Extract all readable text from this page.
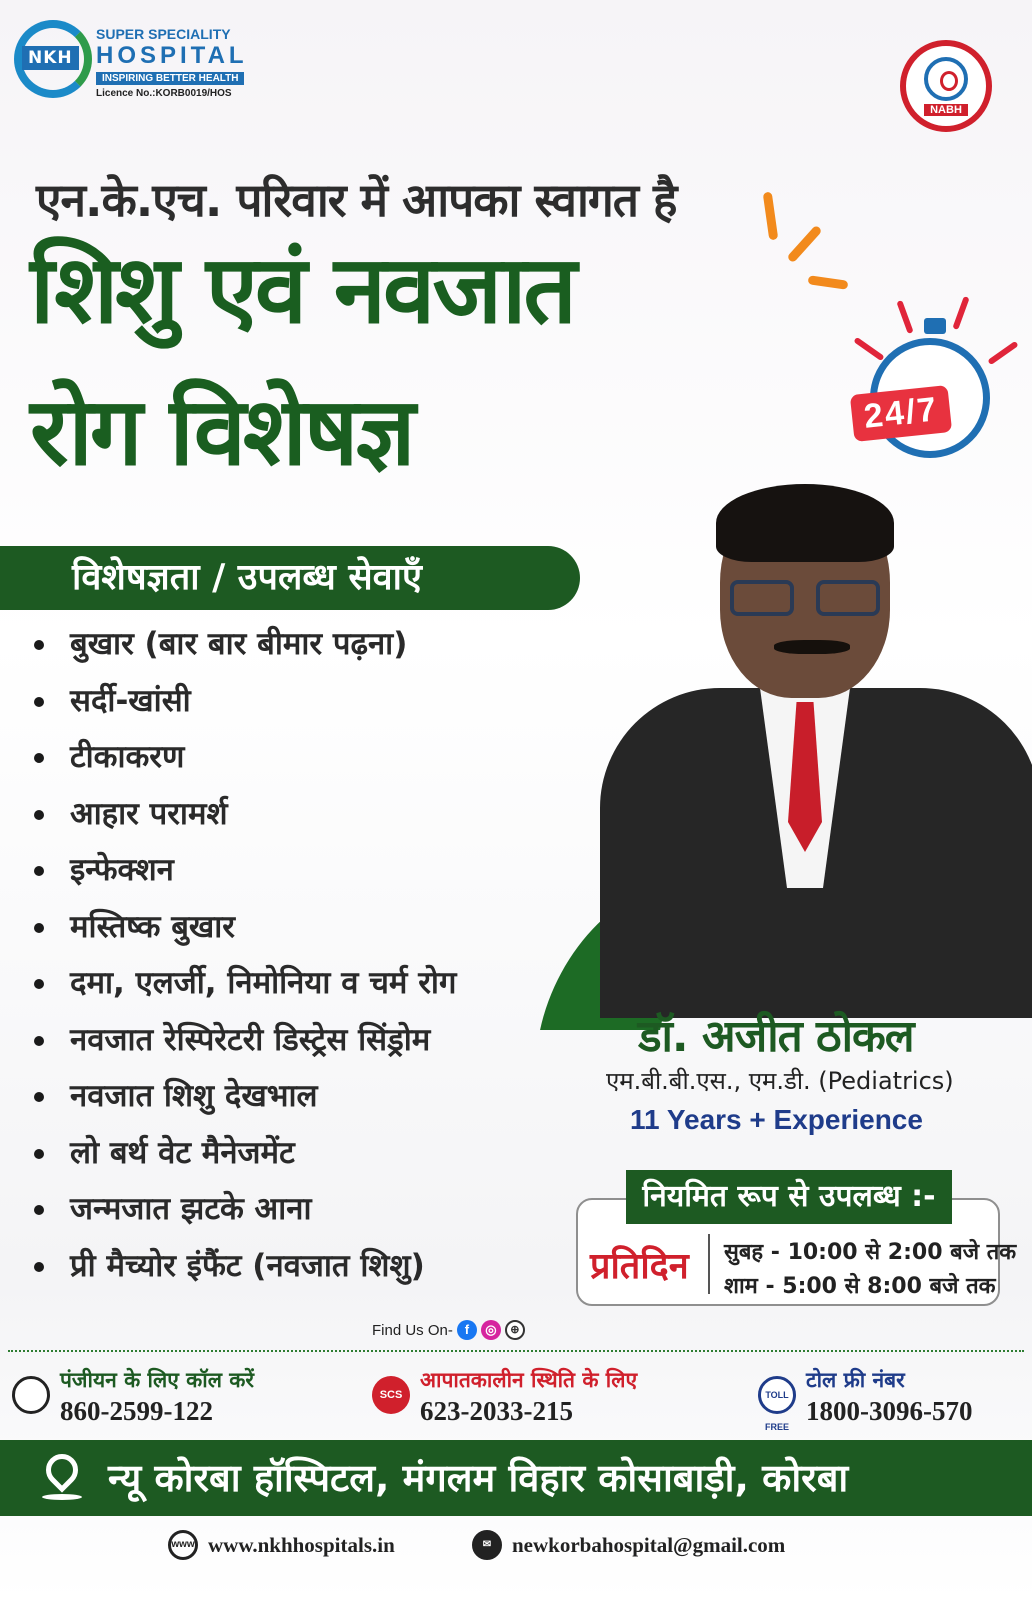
NKH
SUPER SPECIALITY
HOSPITAL
INSPIRING BETTER HEALTH
Licence No.:KORB0019/HOS
NABH
एन.के.एच. परिवार में आपका स्वागत है
शिशु एवं नवजात
रोग विशेषज्ञ	24/7
विशेषज्ञता / उपलब्ध सेवाएँ
बुखार (बार बार बीमार पढ़ना)
सर्दी-खांसी
टीकाकरण
आहार परामर्श
इन्फेक्शन
मस्तिष्क बुखार
दमा, एलर्जी, निमोनिया व चर्म रोग
नवजात रेस्पिरेटरी डिस्ट्रेस सिंड्रोम
नवजात शिशु देखभाल
लो बर्थ वेट मैनेजमेंट
जन्मजात झटके आना
प्री मैच्योर इंफैंट (नवजात शिशु)
डॉ. अजीत ठोकल
एम.बी.बी.एस., एम.डी. (Pediatrics)
11 Years + Experience
नियमित रूप से उपलब्ध :-
प्रतिदिन सुबह - 10:00 से 2:00 बजे तक
शाम - 5:00 से 8:00 बजे तक
Find Us On- f	◎	⊕
पंजीयन के लिए कॉल करें
860-2599-122
SCS
आपातकालीन स्थिति के लिए
623-2033-215
TOLL FREE
टोल फ्री नंबर
1800-3096-570
न्यू कोरबा हॉस्पिटल, मंगलम विहार कोसाबाड़ी, कोरबा
www www.nkhhospitals.in	✉ newkorbahospital@gmail.com
